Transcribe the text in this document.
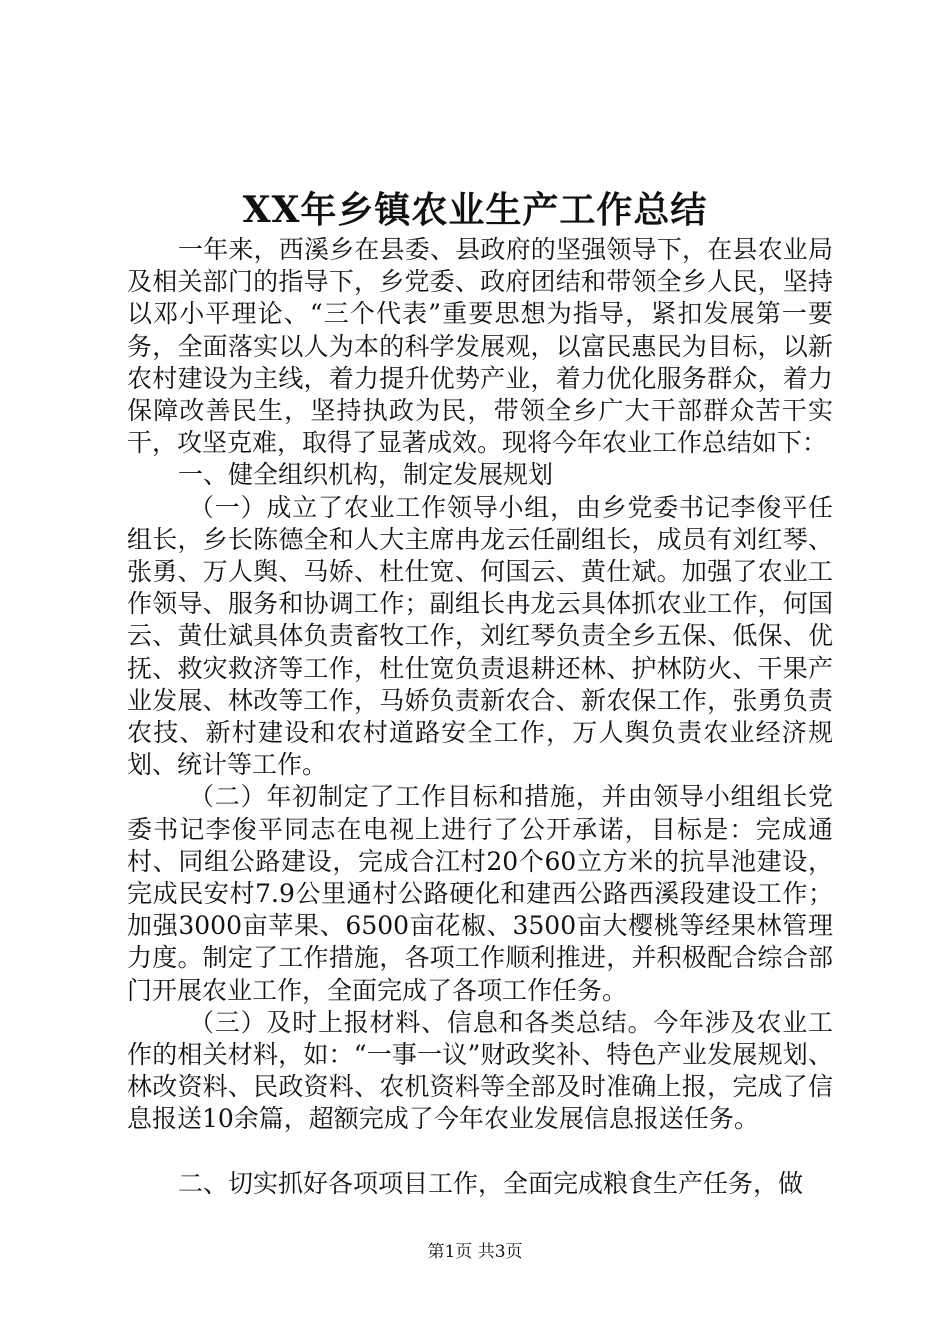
XX年乡镇农业生产工作总结

一年来，西溪乡在县委、县政府的坚强领导下，在县农业局及相关部门的指导下，乡党委、政府团结和带领全乡人民，坚持以邓小平理论、“三个代表”重要思想为指导，紧扣发展第一要务，全面落实以人为本的科学发展观，以富民惠民为目标，以新农村建设为主线，着力提升优势产业，着力优化服务群众，着力保障改善民生，坚持执政为民，带领全乡广大干部群众苦干实干，攻坚克难，取得了显著成效。现将今年农业工作总结如下：

一、健全组织机构，制定发展规划

（一）成立了农业工作领导小组，由乡党委书记李俊平任组长，乡长陈德全和人大主席冉龙云任副组长，成员有刘红琴、张勇、万人舆、马娇、杜仕宽、何国云、黄仕斌。加强了农业工作领导、服务和协调工作；副组长冉龙云具体抓农业工作，何国云、黄仕斌具体负责畜牧工作，刘红琴负责全乡五保、低保、优抚、救灾救济等工作，杜仕宽负责退耕还林、护林防火、干果产业发展、林改等工作，马娇负责新农合、新农保工作，张勇负责农技、新村建设和农村道路安全工作，万人舆负责农业经济规划、统计等工作。

（二）年初制定了工作目标和措施，并由领导小组组长党委书记李俊平同志在电视上进行了公开承诺，目标是：完成通村、同组公路建设，完成合江村20个60立方米的抗旱池建设，完成民安村7.9公里通村公路硬化和建西公路西溪段建设工作；加强3000亩苹果、6500亩花椒、3500亩大樱桃等经果林管理力度。制定了工作措施，各项工作顺利推进，并积极配合综合部门开展农业工作，全面完成了各项工作任务。

（三）及时上报材料、信息和各类总结。今年涉及农业工作的相关材料，如：“一事一议”财政奖补、特色产业发展规划、林改资料、民政资料、农机资料等全部及时准确上报，完成了信息报送10余篇，超额完成了今年农业发展信息报送任务。

二、切实抓好各项项目工作，全面完成粮食生产任务，做

第1页 共3页
